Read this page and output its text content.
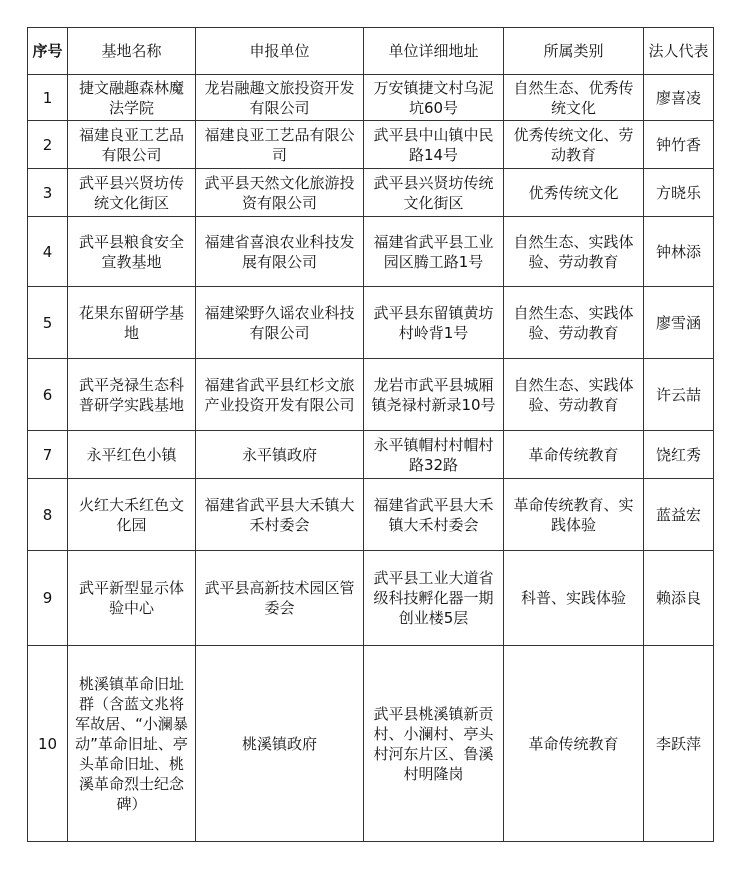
序号	基地名称	申报单位	单位详细地址	所属类别	法人代表
1	捷文融趣森林魔法学院	龙岩融趣文旅投资开发有限公司	万安镇捷文村乌泥坑60号	自然生态、优秀传统文化	廖喜凌
2	福建良亚工艺品有限公司	福建良亚工艺品有限公司	武平县中山镇中民路14号	优秀传统文化、劳动教育	钟竹香
3	武平县兴贤坊传统文化街区	武平县天然文化旅游投资有限公司	武平县兴贤坊传统文化街区	优秀传统文化	方晓乐
4	武平县粮食安全宣教基地	福建省喜浪农业科技发展有限公司	福建省武平县工业园区腾工路1号	自然生态、实践体验、劳动教育	钟林添
5	花果东留研学基地	福建梁野久谣农业科技有限公司	武平县东留镇黄坊村岭背1号	自然生态、实践体验、劳动教育	廖雪涵
6	武平尧禄生态科普研学实践基地	福建省武平县红杉文旅产业投资开发有限公司	龙岩市武平县城厢镇尧禄村新录10号	自然生态、实践体验、劳动教育	许云喆
7	永平红色小镇	永平镇政府	永平镇帽村村帽村路32路	革命传统教育	饶红秀
8	火红大禾红色文化园	福建省武平县大禾镇大禾村委会	福建省武平县大禾镇大禾村委会	革命传统教育、实践体验	蓝益宏
9	武平新型显示体验中心	武平县高新技术园区管委会	武平县工业大道省级科技孵化器一期创业楼5层	科普、实践体验	赖添良
10	桃溪镇革命旧址群（含蓝文兆将军故居、“小澜暴动”革命旧址、亭头革命旧址、桃溪革命烈士纪念碑）	桃溪镇政府	武平县桃溪镇新贡村、小澜村、亭头村河东片区、鲁溪村明隆岗	革命传统教育	李跃萍
